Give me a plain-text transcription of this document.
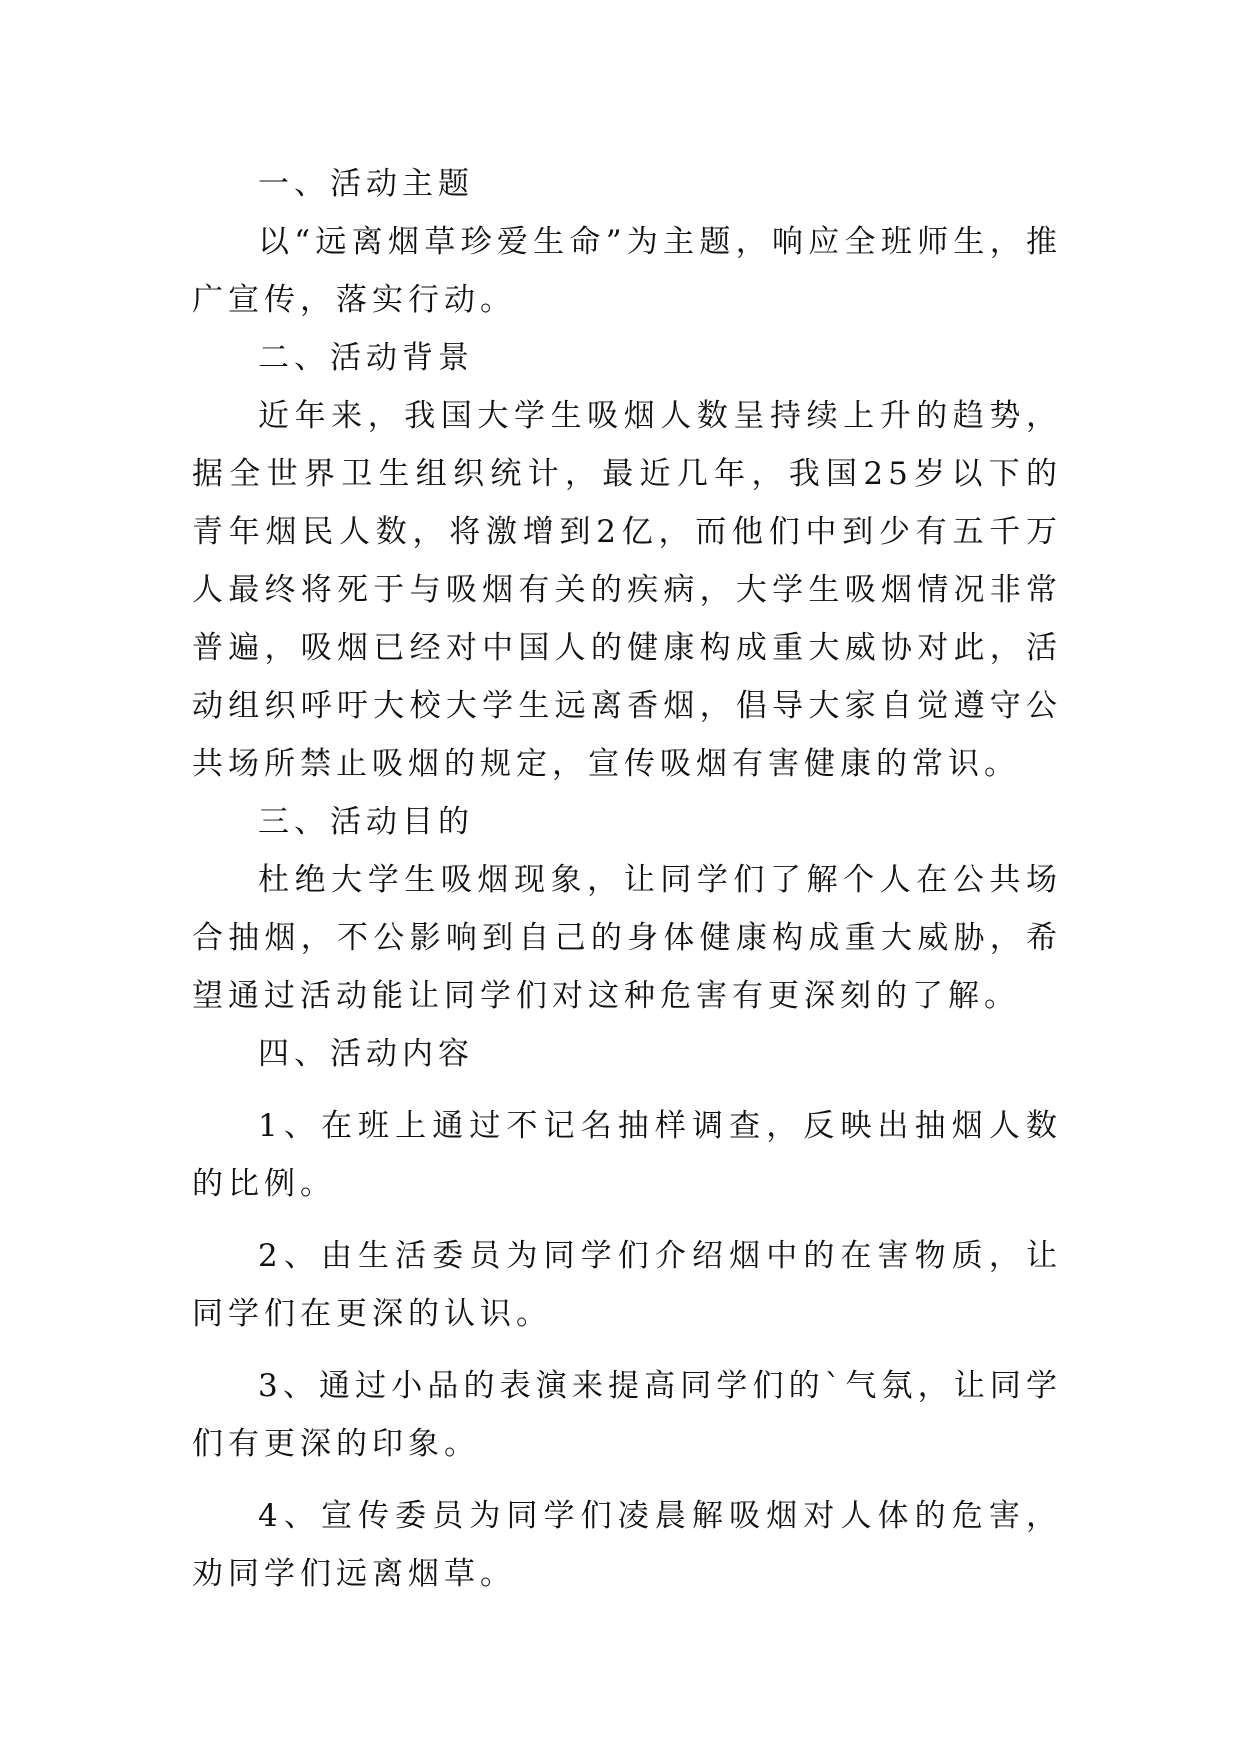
一、活动主题
以“远离烟草珍爱生命”为主题，响应全班师生，推广宣传，落实行动。
二、活动背景
近年来，我国大学生吸烟人数呈持续上升的趋势，据全世界卫生组织统计，最近几年，我国25岁以下的青年烟民人数，将激增到2亿，而他们中到少有五千万人最终将死于与吸烟有关的疾病，大学生吸烟情况非常普遍，吸烟已经对中国人的健康构成重大威协对此，活动组织呼吁大校大学生远离香烟，倡导大家自觉遵守公共场所禁止吸烟的规定，宣传吸烟有害健康的常识。
三、活动目的
杜绝大学生吸烟现象，让同学们了解个人在公共场合抽烟，不公影响到自己的身体健康构成重大威胁，希望通过活动能让同学们对这种危害有更深刻的了解。
四、活动内容
1、在班上通过不记名抽样调查，反映出抽烟人数的比例。
2、由生活委员为同学们介绍烟中的在害物质，让同学们在更深的认识。
3、通过小品的表演来提高同学们的`气氛，让同学们有更深的印象。
4、宣传委员为同学们凌晨解吸烟对人体的危害，劝同学们远离烟草。
